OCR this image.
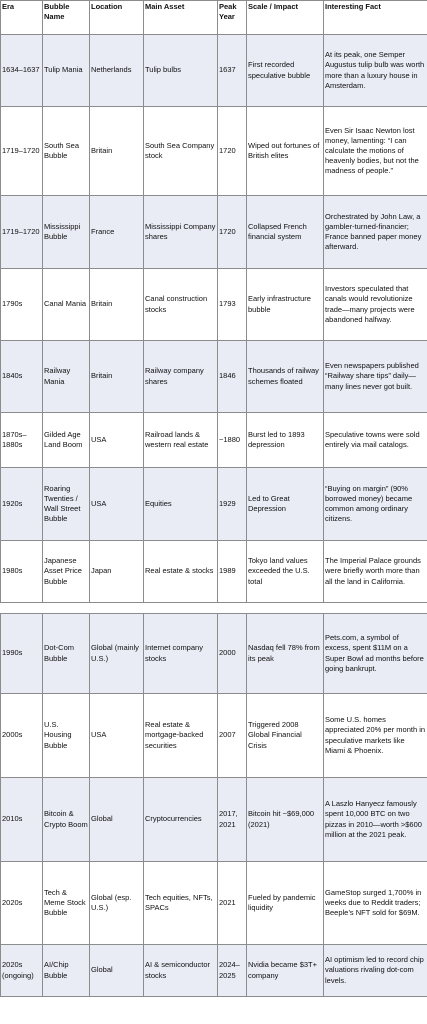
Era	Bubble Name	Location	Main Asset	Peak Year	Scale / Impact	Interesting Fact
1634–1637	Tulip Mania	Netherlands	Tulip bulbs	1637	First recorded speculative bubble	At its peak, one Semper Augustus tulip bulb was worth more than a luxury house in Amsterdam.
1719–1720	South Sea Bubble	Britain	South Sea Company stock	1720	Wiped out fortunes of British elites	Even Sir Isaac Newton lost money, lamenting: “I can calculate the motions of heavenly bodies, but not the madness of people.”
1719–1720	Mississippi Bubble	France	Mississippi Company shares	1720	Collapsed French financial system	Orchestrated by John Law, a gambler-turned-financier; France banned paper money afterward.
1790s	Canal Mania	Britain	Canal construction stocks	1793	Early infrastructure bubble	Investors speculated that canals would revolutionize trade—many projects were abandoned halfway.
1840s	Railway Mania	Britain	Railway company shares	1846	Thousands of railway schemes floated	Even newspapers published “Railway share tips” daily—many lines never got built.
1870s–1880s	Gilded Age Land Boom	USA	Railroad lands & western real estate	~1880	Burst led to 1893 depression	Speculative towns were sold entirely via mail catalogs.
1920s	Roaring Twenties / Wall Street Bubble	USA	Equities	1929	Led to Great Depression	“Buying on margin” (90% borrowed money) became common among ordinary citizens.
1980s	Japanese Asset Price Bubble	Japan	Real estate & stocks	1989	Tokyo land values exceeded the U.S. total	The Imperial Palace grounds were briefly worth more than all the land in California.
1990s	Dot-Com Bubble	Global (mainly U.S.)	Internet company stocks	2000	Nasdaq fell 78% from its peak	Pets.com, a symbol of excess, spent $11M on a Super Bowl ad months before going bankrupt.
2000s	U.S. Housing Bubble	USA	Real estate & mortgage-backed securities	2007	Triggered 2008 Global Financial Crisis	Some U.S. homes appreciated 20% per month in speculative markets like Miami & Phoenix.
2010s	Bitcoin & Crypto Boom	Global	Cryptocurrencies	2017, 2021	Bitcoin hit ~$69,000 (2021)	A Laszlo Hanyecz famously spent 10,000 BTC on two pizzas in 2010—worth >$600 million at the 2021 peak.
2020s	Tech & Meme Stock Bubble	Global (esp. U.S.)	Tech equities, NFTs, SPACs	2021	Fueled by pandemic liquidity	GameStop surged 1,700% in weeks due to Reddit traders; Beeple’s NFT sold for $69M.
2020s (ongoing)	AI/Chip Bubble	Global	AI & semiconductor stocks	2024–2025	Nvidia became $3T+ company	AI optimism led to record chip valuations rivaling dot-com levels.
